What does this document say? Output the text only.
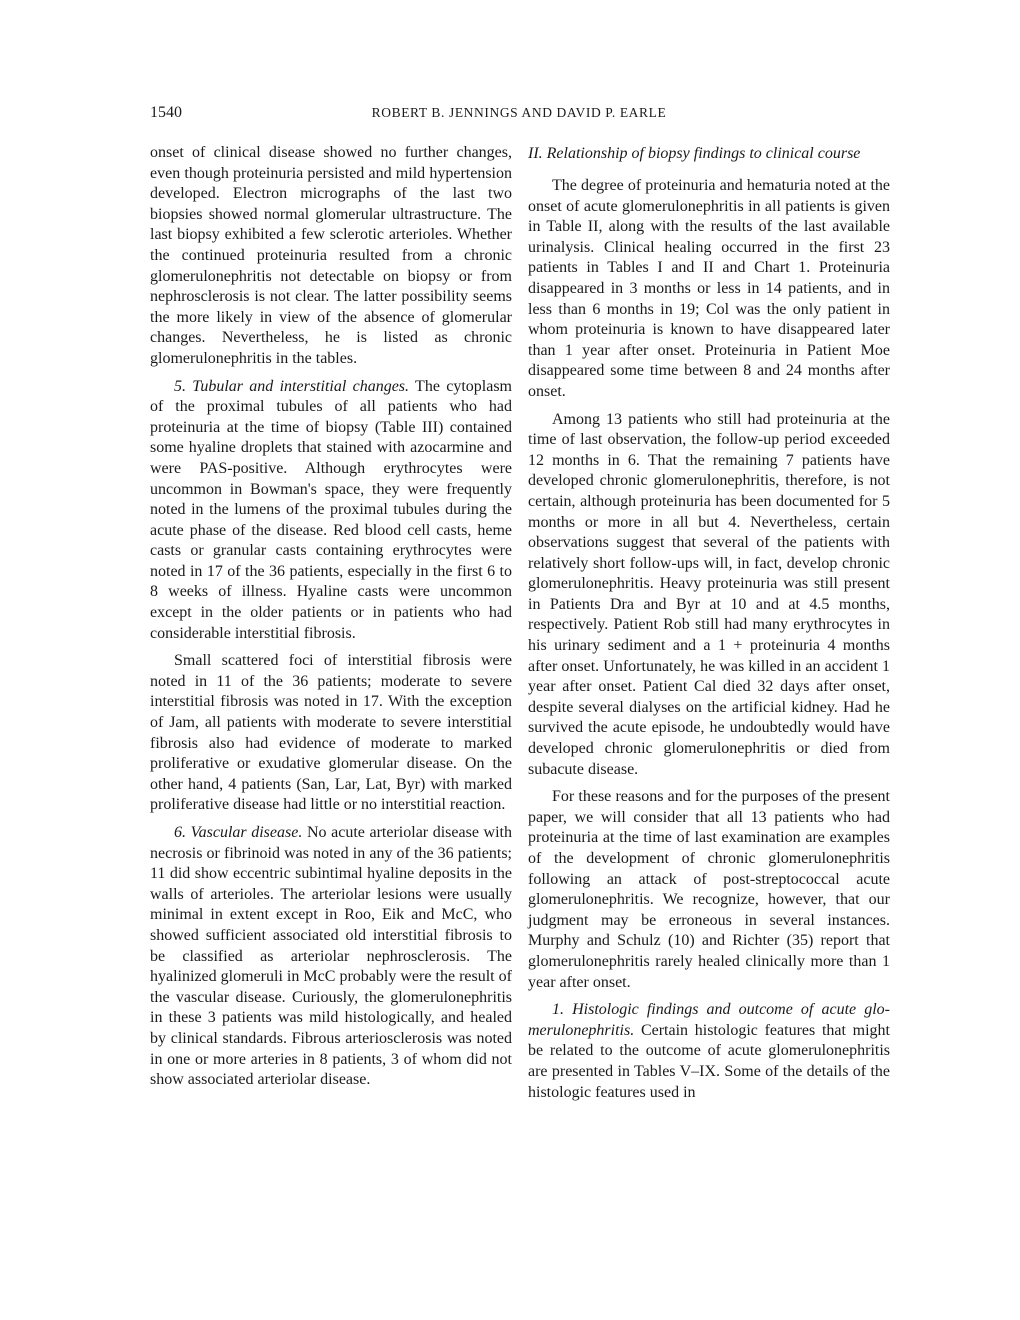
1540	ROBERT B. JENNINGS AND DAVID P. EARLE

onset of clinical disease showed no further changes, even though proteinuria persisted and mild hypertension developed. Electron micrographs of the last two biopsies showed normal glomerular ultrastructure. The last biopsy exhibited a few sclerotic arterioles. Whether the continued proteinuria resulted from a chronic glomerulonephritis not detectable on biopsy or from nephrosclerosis is not clear. The latter possibility seems the more likely in view of the absence of glomerular changes. Nevertheless, he is listed as chronic glomerulonephritis in the tables.

5. Tubular and interstitial changes. The cytoplasm of the proximal tubules of all patients who had proteinuria at the time of biopsy (Table III) contained some hyaline droplets that stained with azocarmine and were PAS-positive. Although erythrocytes were uncommon in Bowman's space, they were frequently noted in the lumens of the proximal tubules during the acute phase of the disease. Red blood cell casts, heme casts or granular casts containing erythrocytes were noted in 17 of the 36 patients, especially in the first 6 to 8 weeks of illness. Hyaline casts were uncommon except in the older patients or in patients who had considerable interstitial fibrosis.

Small scattered foci of interstitial fibrosis were noted in 11 of the 36 patients; moderate to severe interstitial fibrosis was noted in 17. With the exception of Jam, all patients with moderate to severe interstitial fibrosis also had evidence of moderate to marked proliferative or exudative glomerular disease. On the other hand, 4 patients (San, Lar, Lat, Byr) with marked proliferative disease had little or no interstitial reaction.

6. Vascular disease. No acute arteriolar disease with necrosis or fibrinoid was noted in any of the 36 patients; 11 did show eccentric subintimal hyaline deposits in the walls of arterioles. The arteriolar lesions were usually minimal in extent except in Roo, Eik and McC, who showed sufficient associated old interstitial fibrosis to be classified as arteriolar nephrosclerosis. The hyalinized glomeruli in McC probably were the result of the vascular disease. Curiously, the glomerulonephritis in these 3 patients was mild histologically, and healed by clinical standards. Fibrous arteriosclerosis was noted in one or more arteries in 8 patients, 3 of whom did not show associated arteriolar disease.

II. Relationship of biopsy findings to clinical course

The degree of proteinuria and hematuria noted at the onset of acute glomerulonephritis in all patients is given in Table II, along with the results of the last available urinalysis. Clinical healing occurred in the first 23 patients in Tables I and II and Chart 1. Proteinuria disappeared in 3 months or less in 14 patients, and in less than 6 months in 19; Col was the only patient in whom proteinuria is known to have disappeared later than 1 year after onset. Proteinuria in Patient Moe disappeared some time between 8 and 24 months after onset.

Among 13 patients who still had proteinuria at the time of last observation, the follow-up period exceeded 12 months in 6. That the remaining 7 patients have developed chronic glomerulonephritis, therefore, is not certain, although proteinuria has been documented for 5 months or more in all but 4. Nevertheless, certain observations suggest that several of the patients with relatively short follow-ups will, in fact, develop chronic glomerulonephritis. Heavy proteinuria was still present in Patients Dra and Byr at 10 and at 4.5 months, respectively. Patient Rob still had many erythrocytes in his urinary sediment and a 1 + proteinuria 4 months after onset. Unfortunately, he was killed in an accident 1 year after onset. Patient Cal died 32 days after onset, despite several dialyses on the artificial kidney. Had he survived the acute episode, he undoubtedly would have developed chronic glomerulonephritis or died from subacute disease.

For these reasons and for the purposes of the present paper, we will consider that all 13 patients who had proteinuria at the time of last examination are examples of the development of chronic glomerulonephritis following an attack of post-streptococcal acute glomerulonephritis. We recognize, however, that our judgment may be erroneous in several instances. Murphy and Schulz (10) and Richter (35) report that glomerulonephritis rarely healed clinically more than 1 year after onset.

1. Histologic findings and outcome of acute glomerulonephritis. Certain histologic features that might be related to the outcome of acute glomerulonephritis are presented in Tables V–IX. Some of the details of the histologic features used in
